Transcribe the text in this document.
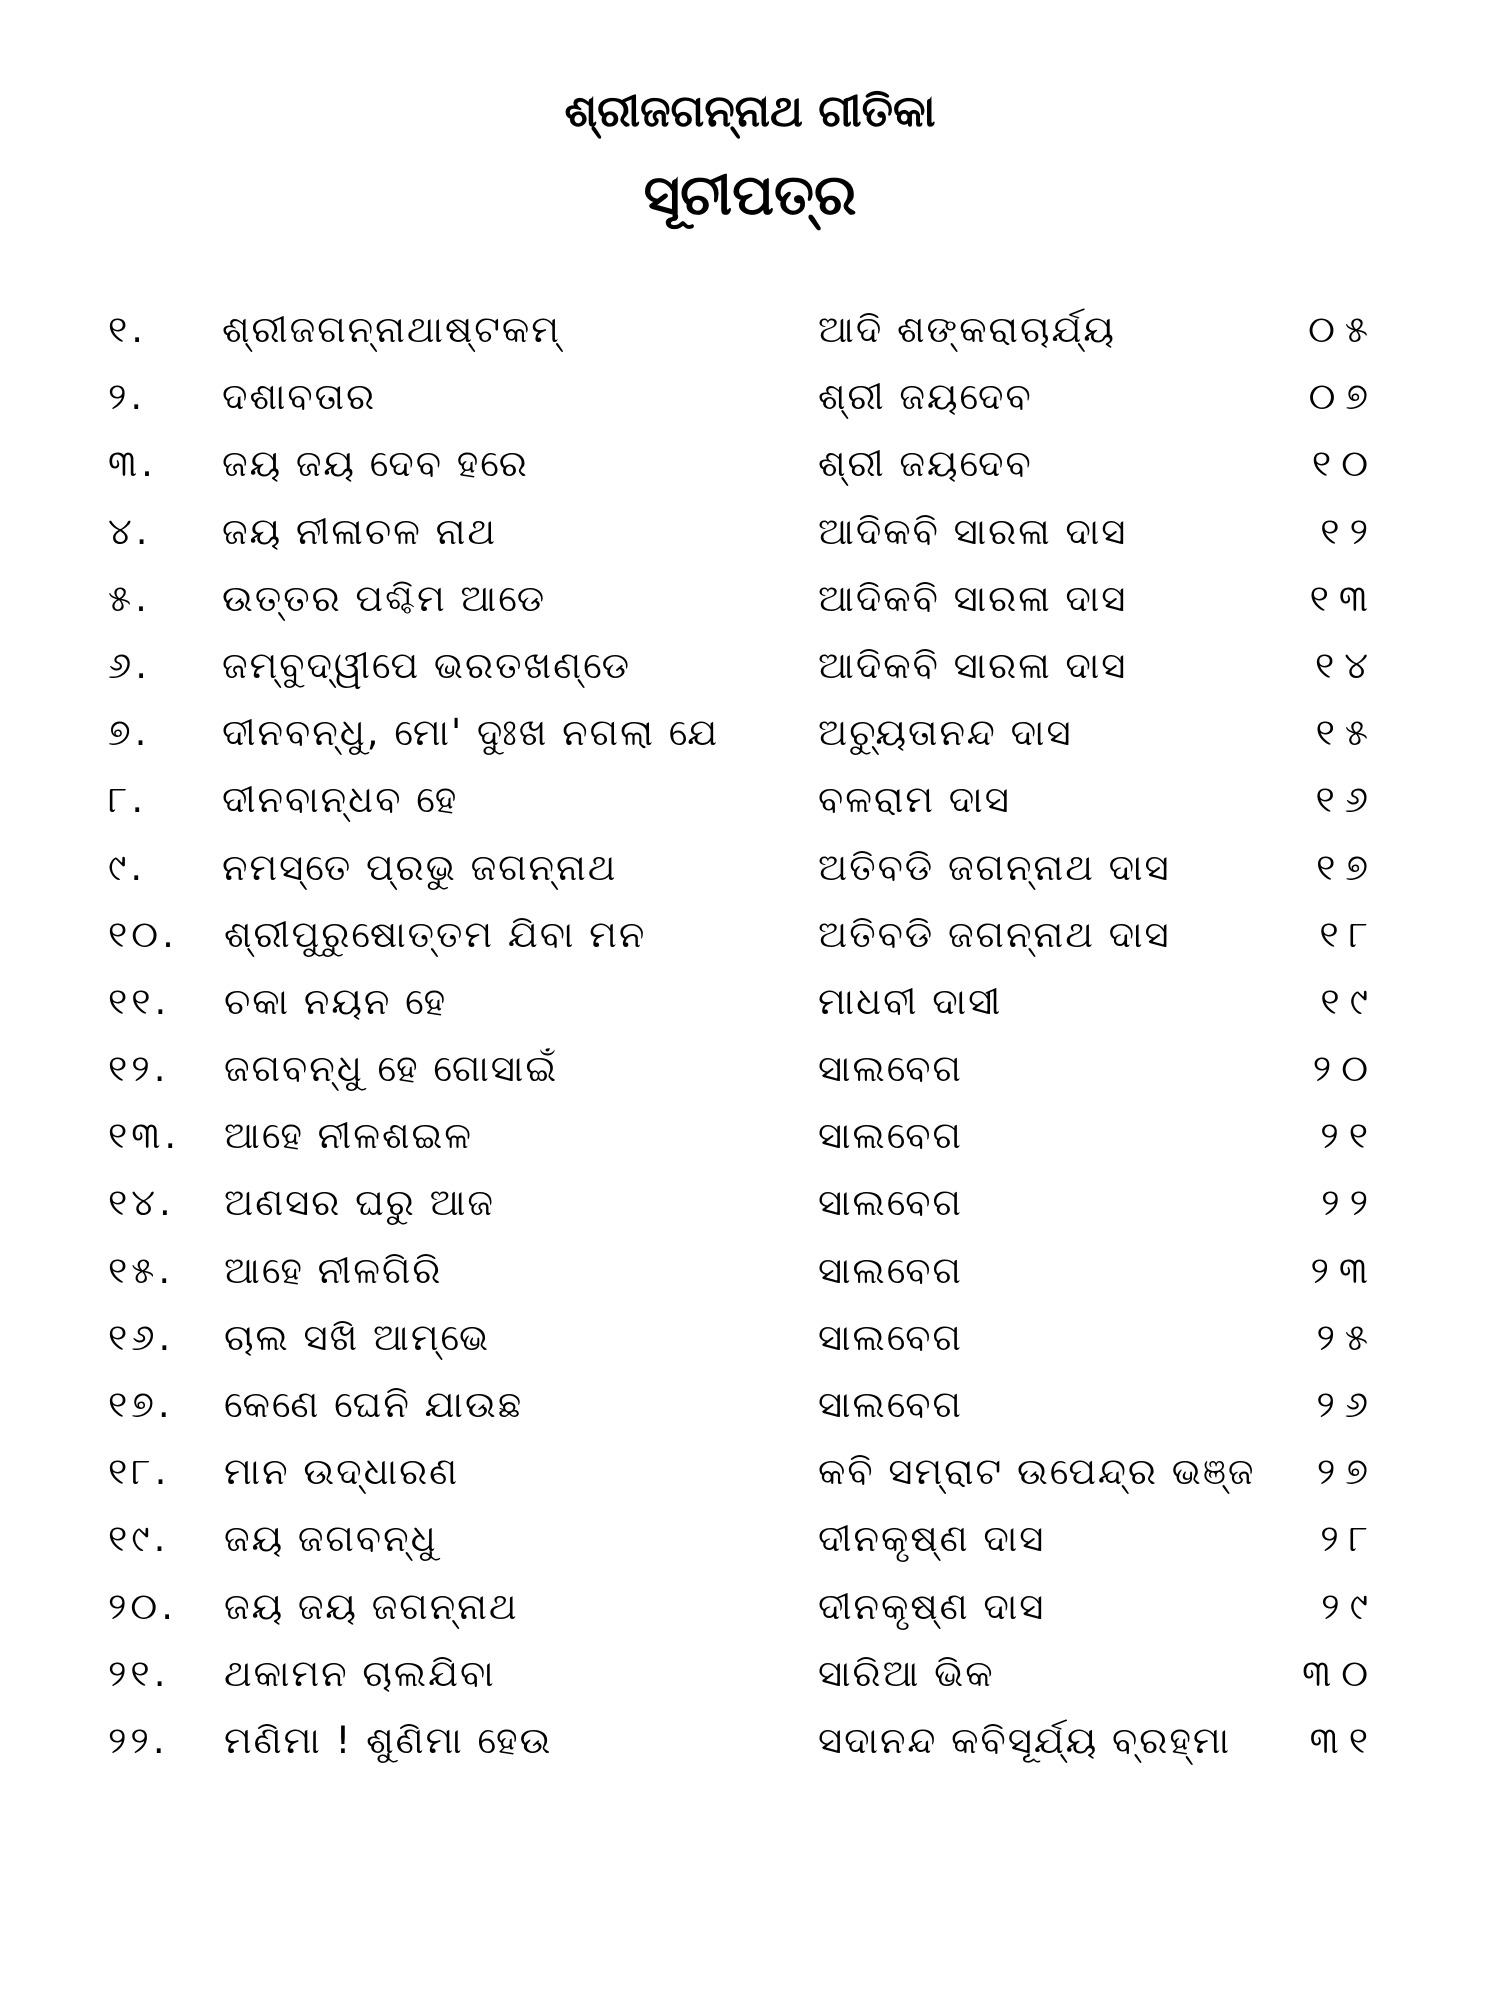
ଶ୍ରୀଜଗନ୍ନାଥ ଗୀତିକା
ସୂଚୀପତ୍ର
୧. ଶ୍ରୀଜଗନ୍ନାଥାଷ୍ଟକମ୍	ଆଦି ଶଙ୍କରାଚାର୍ଯ୍ୟ	୦୫
୨. ଦଶାବତାର	ଶ୍ରୀ ଜୟଦେବ	୦୭
୩. ଜୟ ଜୟ ଦେବ ହରେ	ଶ୍ରୀ ଜୟଦେବ	୧୦
୪. ଜୟ ନୀଳାଚଳ ନାଥ	ଆଦିକବି ସାରଳା ଦାସ	୧୨
୫. ଉତ୍ତର ପଶ୍ଚିମ ଆଡେ	ଆଦିକବି ସାରଳା ଦାସ	୧୩
୬. ଜମ୍ବୁଦ୍ୱୀପେ ଭରତଖଣ୍ଡେ	ଆଦିକବି ସାରଳା ଦାସ	୧୪
୭. ଦୀନବନ୍ଧୁ, ମୋ' ଦୁଃଖ ନଗଲା ଯେ	ଅଚ୍ୟୁତାନନ୍ଦ ଦାସ	୧୫
୮. ଦୀନବାନ୍ଧବ ହେ	ବଳରାମ ଦାସ	୧୬
୯. ନମସ୍ତେ ପ୍ରଭୁ ଜଗନ୍ନାଥ	ଅତିବଡି ଜଗନ୍ନାଥ ଦାସ	୧୭
୧୦. ଶ୍ରୀପୁରୁଷୋତ୍ତମ ଯିବା ମନ	ଅତିବଡି ଜଗନ୍ନାଥ ଦାସ	୧୮
୧୧. ଚକା ନୟନ ହେ	ମାଧବୀ ଦାସୀ	୧୯
୧୨. ଜଗବନ୍ଧୁ ହେ ଗୋସାଇଁ	ସାଲବେଗ	୨୦
୧୩. ଆହେ ନୀଳଶଇଳ	ସାଲବେଗ	୨୧
୧୪. ଅଣସର ଘରୁ ଆଜ	ସାଲବେଗ	୨୨
୧୫. ଆହେ ନୀଳଗିରି	ସାଲବେଗ	୨୩
୧୬. ଚାଲ ସଖି ଆମ୍ଭେ	ସାଲବେଗ	୨୫
୧୭. କେଣେ ଘେନି ଯାଉଛ	ସାଲବେଗ	୨୬
୧୮. ମାନ ଉଦ୍ଧାରଣ	କବି ସମ୍ରାଟ ଉପେନ୍ଦ୍ର ଭଞ୍ଜ ୨୭
୧୯. ଜୟ ଜଗବନ୍ଧୁ	ଦୀନକୃଷ୍ଣ ଦାସ	୨୮
୨୦. ଜୟ ଜୟ ଜଗନ୍ନାଥ	ଦୀନକୃଷ୍ଣ ଦାସ	୨୯
୨୧. ଥକାମନ ଚାଲଯିବା	ସାରିଆ ଭିକ	୩୦
୨୨. ମଣିମା ! ଶୁଣିମା ହେଉ	ସଦାନନ୍ଦ କବିସୂର୍ଯ୍ୟ ବ୍ରହ୍ମା ୩୧
